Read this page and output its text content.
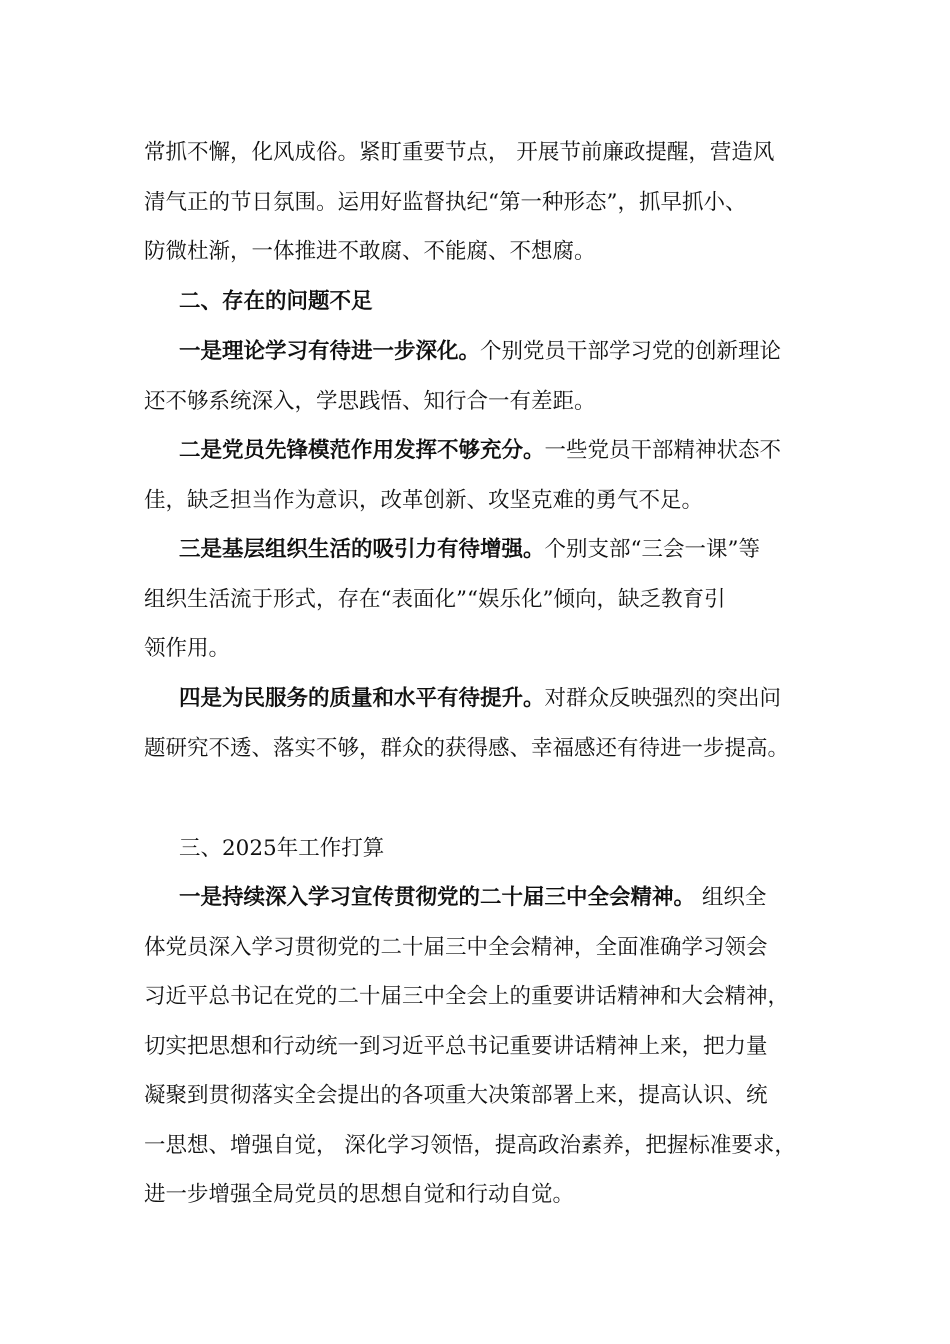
常抓不懈，化风成俗。紧盯重要节点， 开展节前廉政提醒，营造风
清气正的节日氛围。运用好监督执纪“第一种形态”，抓早抓小、
防微杜渐，一体推进不敢腐、不能腐、不想腐。
二、存在的问题不足
一是理论学习有待进一步深化。个别党员干部学习党的创新理论
还不够系统深入，学思践悟、知行合一有差距。
二是党员先锋模范作用发挥不够充分。一些党员干部精神状态不
佳，缺乏担当作为意识，改革创新、攻坚克难的勇气不足。
三是基层组织生活的吸引力有待增强。个别支部“三会一课”等
组织生活流于形式，存在“表面化”“娱乐化”倾向，缺乏教育引
领作用。
四是为民服务的质量和水平有待提升。对群众反映强烈的突出问
题研究不透、落实不够，群众的获得感、幸福感还有待进一步提高。
三、2025年工作打算
一是持续深入学习宣传贯彻党的二十届三中全会精神。 组织全
体党员深入学习贯彻党的二十届三中全会精神，全面准确学习领会
习近平总书记在党的二十届三中全会上的重要讲话精神和大会精神，
切实把思想和行动统一到习近平总书记重要讲话精神上来，把力量
凝聚到贯彻落实全会提出的各项重大决策部署上来，提高认识、统
一思想、增强自觉， 深化学习领悟，提高政治素养，把握标准要求，
进一步增强全局党员的思想自觉和行动自觉。
